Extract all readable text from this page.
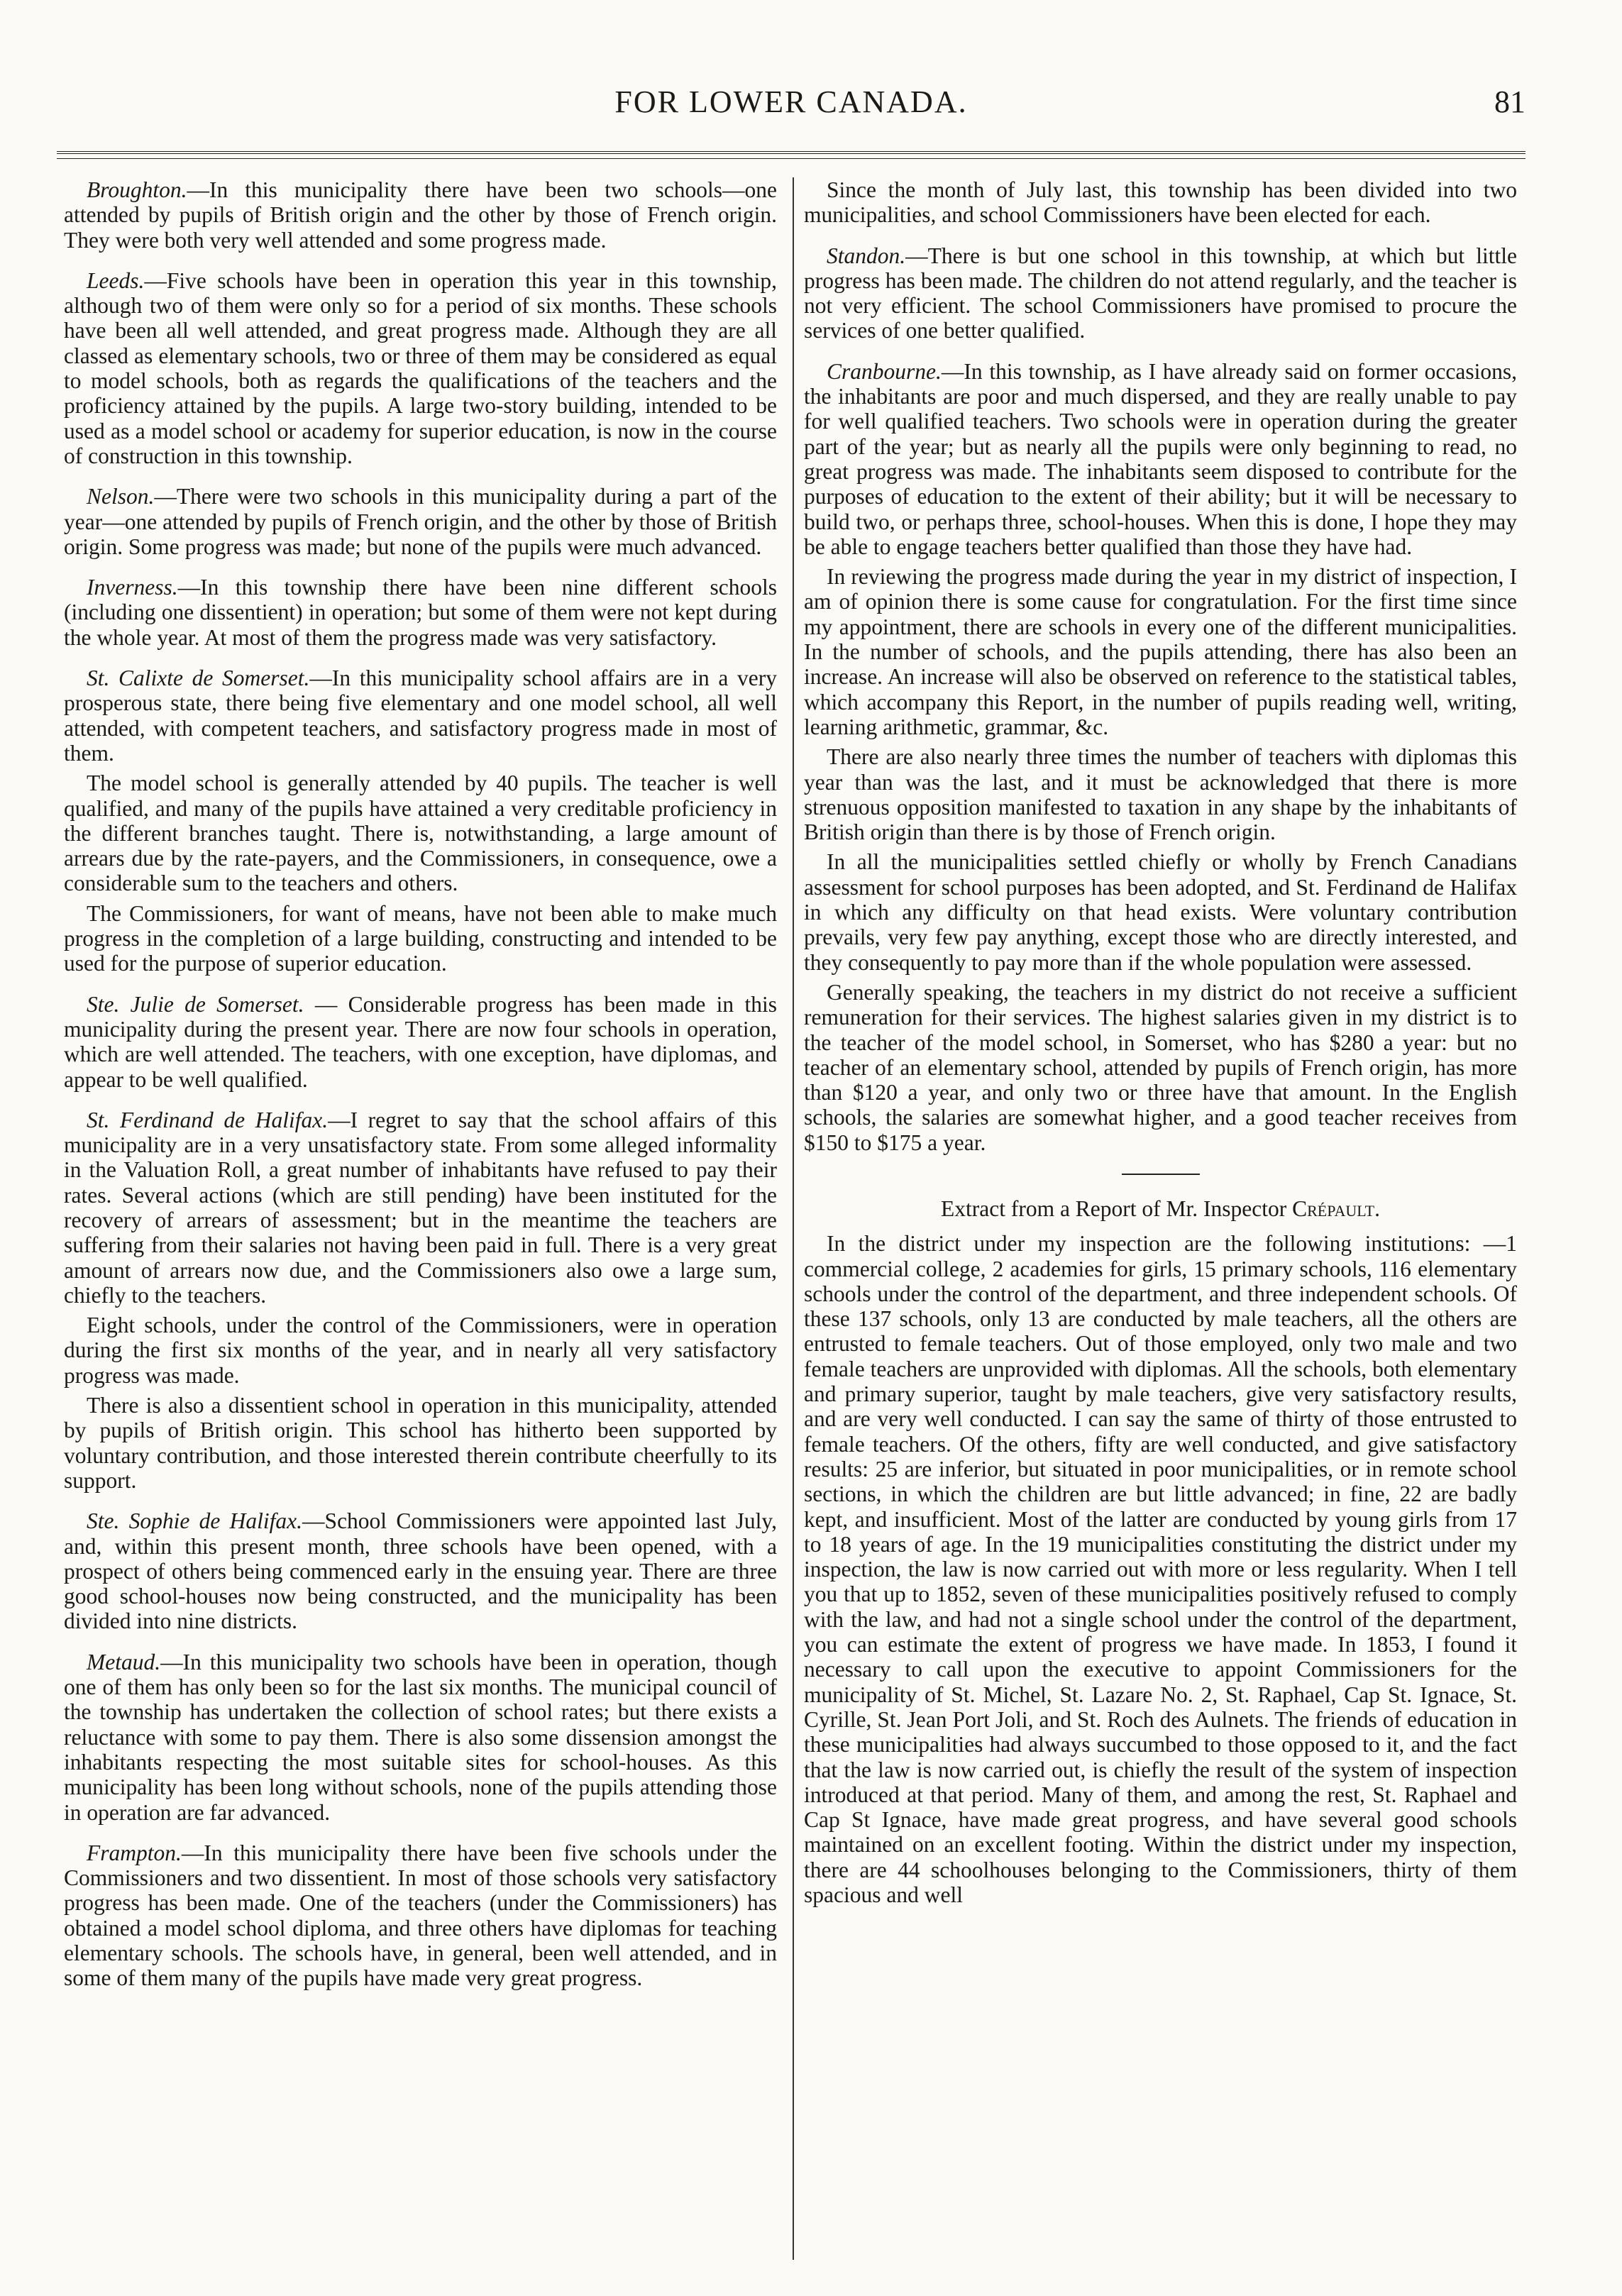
FOR LOWER CANADA.	81

Broughton.—In this municipality there have been two schools—one attended by pupils of British origin and the other by those of French origin. They were both very well attended and some progress made.

Leeds.—Five schools have been in operation this year in this township, although two of them were only so for a period of six months. These schools have been all well attended, and great progress made. Although they are all classed as elementary schools, two or three of them may be considered as equal to model schools, both as regards the qualifications of the teachers and the proficiency attained by the pupils. A large two-story building, intended to be used as a model school or academy for superior education, is now in the course of construction in this township.

Nelson.—There were two schools in this municipality during a part of the year—one attended by pupils of French origin, and the other by those of British origin. Some progress was made; but none of the pupils were much advanced.

Inverness.—In this township there have been nine different schools (including one dissentient) in operation; but some of them were not kept during the whole year. At most of them the progress made was very satisfactory.

St. Calixte de Somerset.—In this municipality school affairs are in a very prosperous state, there being five elementary and one model school, all well attended, with competent teachers, and satisfactory progress made in most of them.

The model school is generally attended by 40 pupils. The teacher is well qualified, and many of the pupils have attained a very creditable proficiency in the different branches taught. There is, notwithstanding, a large amount of arrears due by the rate-payers, and the Commissioners, in consequence, owe a considerable sum to the teachers and others.

The Commissioners, for want of means, have not been able to make much progress in the completion of a large building, constructing and intended to be used for the purpose of superior education.

Ste. Julie de Somerset. — Considerable progress has been made in this municipality during the present year. There are now four schools in operation, which are well attended. The teachers, with one exception, have diplomas, and appear to be well qualified.

St. Ferdinand de Halifax.—I regret to say that the school affairs of this municipality are in a very unsatisfactory state. From some alleged informality in the Valuation Roll, a great number of inhabitants have refused to pay their rates. Several actions (which are still pending) have been instituted for the recovery of arrears of assessment; but in the meantime the teachers are suffering from their salaries not having been paid in full. There is a very great amount of arrears now due, and the Commissioners also owe a large sum, chiefly to the teachers.

Eight schools, under the control of the Commissioners, were in operation during the first six months of the year, and in nearly all very satisfactory progress was made.

There is also a dissentient school in operation in this municipality, attended by pupils of British origin. This school has hitherto been supported by voluntary contribution, and those interested therein contribute cheerfully to its support.

Ste. Sophie de Halifax.—School Commissioners were appointed last July, and, within this present month, three schools have been opened, with a prospect of others being commenced early in the ensuing year. There are three good school-houses now being constructed, and the municipality has been divided into nine districts.

Metaud.—In this municipality two schools have been in operation, though one of them has only been so for the last six months. The municipal council of the township has undertaken the collection of school rates; but there exists a reluctance with some to pay them. There is also some dissension amongst the inhabitants respecting the most suitable sites for school-houses. As this municipality has been long without schools, none of the pupils attending those in operation are far advanced.

Frampton.—In this municipality there have been five schools under the Commissioners and two dissentient. In most of those schools very satisfactory progress has been made. One of the teachers (under the Commissioners) has obtained a model school diploma, and three others have diplomas for teaching elementary schools. The schools have, in general, been well attended, and in some of them many of the pupils have made very great progress.

Since the month of July last, this township has been divided into two municipalities, and school Commissioners have been elected for each.

Standon.—There is but one school in this township, at which but little progress has been made. The children do not attend regularly, and the teacher is not very efficient. The school Commissioners have promised to procure the services of one better qualified.

Cranbourne.—In this township, as I have already said on former occasions, the inhabitants are poor and much dispersed, and they are really unable to pay for well qualified teachers. Two schools were in operation during the greater part of the year; but as nearly all the pupils were only beginning to read, no great progress was made. The inhabitants seem disposed to contribute for the purposes of education to the extent of their ability; but it will be necessary to build two, or perhaps three, school-houses. When this is done, I hope they may be able to engage teachers better qualified than those they have had.

In reviewing the progress made during the year in my district of inspection, I am of opinion there is some cause for congratulation. For the first time since my appointment, there are schools in every one of the different municipalities. In the number of schools, and the pupils attending, there has also been an increase. An increase will also be observed on reference to the statistical tables, which accompany this Report, in the number of pupils reading well, writing, learning arithmetic, grammar, &c.

There are also nearly three times the number of teachers with diplomas this year than was the last, and it must be acknowledged that there is more strenuous opposition manifested to taxation in any shape by the inhabitants of British origin than there is by those of French origin.

In all the municipalities settled chiefly or wholly by French Canadians assessment for school purposes has been adopted, and St. Ferdinand de Halifax in which any difficulty on that head exists. Were voluntary contribution prevails, very few pay anything, except those who are directly interested, and they consequently to pay more than if the whole population were assessed.

Generally speaking, the teachers in my district do not receive a sufficient remuneration for their services. The highest salaries given in my district is to the teacher of the model school, in Somerset, who has $280 a year: but no teacher of an elementary school, attended by pupils of French origin, has more than $120 a year, and only two or three have that amount. In the English schools, the salaries are somewhat higher, and a good teacher receives from $150 to $175 a year.

Extract from a Report of Mr. Inspector Crépault.

In the district under my inspection are the following institutions: —1 commercial college, 2 academies for girls, 15 primary schools, 116 elementary schools under the control of the department, and three independent schools. Of these 137 schools, only 13 are conducted by male teachers, all the others are entrusted to female teachers. Out of those employed, only two male and two female teachers are unprovided with diplomas. All the schools, both elementary and primary superior, taught by male teachers, give very satisfactory results, and are very well conducted. I can say the same of thirty of those entrusted to female teachers. Of the others, fifty are well conducted, and give satisfactory results: 25 are inferior, but situated in poor municipalities, or in remote school sections, in which the children are but little advanced; in fine, 22 are badly kept, and insufficient. Most of the latter are conducted by young girls from 17 to 18 years of age. In the 19 municipalities constituting the district under my inspection, the law is now carried out with more or less regularity. When I tell you that up to 1852, seven of these municipalities positively refused to comply with the law, and had not a single school under the control of the department, you can estimate the extent of progress we have made. In 1853, I found it necessary to call upon the executive to appoint Commissioners for the municipality of St. Michel, St. Lazare No. 2, St. Raphael, Cap St. Ignace, St. Cyrille, St. Jean Port Joli, and St. Roch des Aulnets. The friends of education in these municipalities had always succumbed to those opposed to it, and the fact that the law is now carried out, is chiefly the result of the system of inspection introduced at that period. Many of them, and among the rest, St. Raphael and Cap St Ignace, have made great progress, and have several good schools maintained on an excellent footing. Within the district under my inspection, there are 44 schoolhouses belonging to the Commissioners, thirty of them spacious and well
